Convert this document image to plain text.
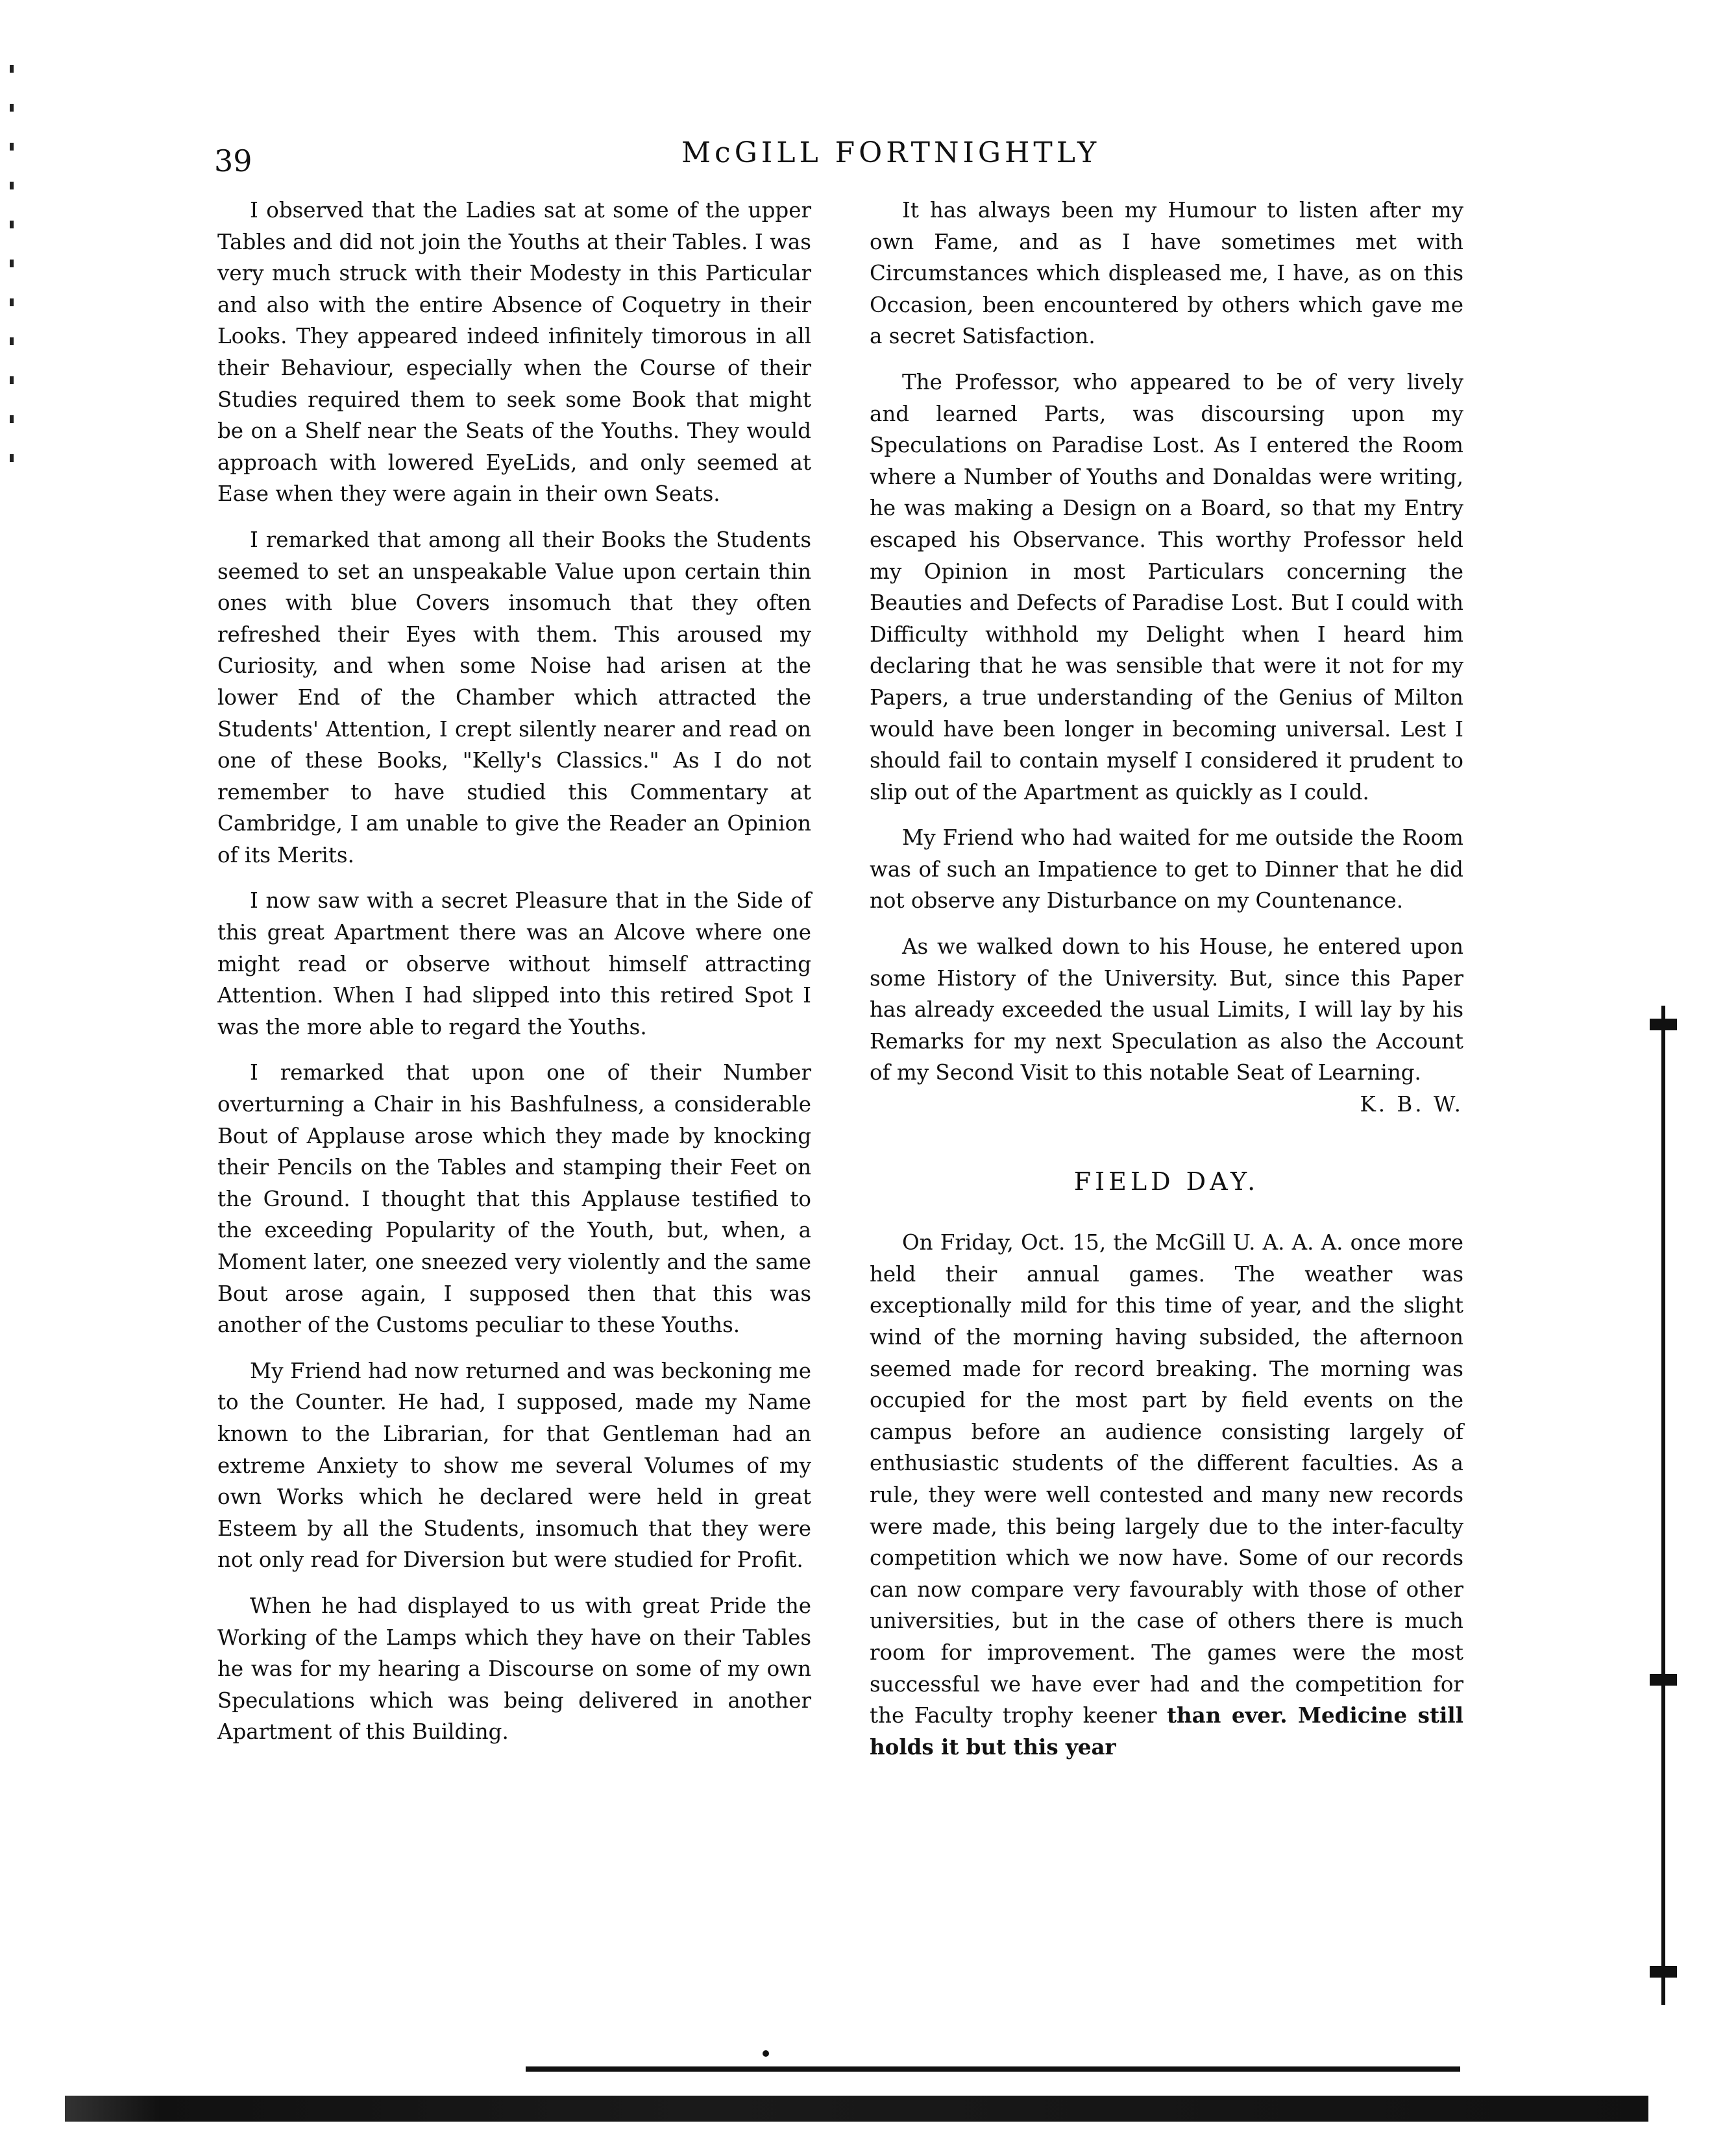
39	McGILL FORTNIGHTLY

I observed that the Ladies sat at some of the upper Tables and did not join the Youths at their Tables. I was very much struck with their Modesty in this Particular and also with the entire Absence of Coquetry in their Looks. They appeared indeed infinitely timorous in all their Behaviour, especially when the Course of their Studies required them to seek some Book that might be on a Shelf near the Seats of the Youths. They would approach with lowered EyeLids, and only seemed at Ease when they were again in their own Seats.

I remarked that among all their Books the Students seemed to set an unspeakable Value upon certain thin ones with blue Covers insomuch that they often refreshed their Eyes with them. This aroused my Curiosity, and when some Noise had arisen at the lower End of the Chamber which attracted the Students' Attention, I crept silently nearer and read on one of these Books, "Kelly's Classics." As I do not remember to have studied this Commentary at Cambridge, I am unable to give the Reader an Opinion of its Merits.

I now saw with a secret Pleasure that in the Side of this great Apartment there was an Alcove where one might read or observe without himself attracting Attention. When I had slipped into this retired Spot I was the more able to regard the Youths.

I remarked that upon one of their Number overturning a Chair in his Bashfulness, a considerable Bout of Applause arose which they made by knocking their Pencils on the Tables and stamping their Feet on the Ground. I thought that this Applause testified to the exceeding Popularity of the Youth, but, when, a Moment later, one sneezed very violently and the same Bout arose again, I supposed then that this was another of the Customs peculiar to these Youths.

My Friend had now returned and was beckoning me to the Counter. He had, I supposed, made my Name known to the Librarian, for that Gentleman had an extreme Anxiety to show me several Volumes of my own Works which he declared were held in great Esteem by all the Students, insomuch that they were not only read for Diversion but were studied for Profit.

When he had displayed to us with great Pride the Working of the Lamps which they have on their Tables he was for my hearing a Discourse on some of my own Speculations which was being delivered in another Apartment of this Building.

It has always been my Humour to listen after my own Fame, and as I have sometimes met with Circumstances which displeased me, I have, as on this Occasion, been encountered by others which gave me a secret Satisfaction.

The Professor, who appeared to be of very lively and learned Parts, was discoursing upon my Speculations on Paradise Lost. As I entered the Room where a Number of Youths and Donaldas were writing, he was making a Design on a Board, so that my Entry escaped his Observance. This worthy Professor held my Opinion in most Particulars concerning the Beauties and Defects of Paradise Lost. But I could with Difficulty withhold my Delight when I heard him declaring that he was sensible that were it not for my Papers, a true understanding of the Genius of Milton would have been longer in becoming universal. Lest I should fail to contain myself I considered it prudent to slip out of the Apartment as quickly as I could.

My Friend who had waited for me outside the Room was of such an Impatience to get to Dinner that he did not observe any Disturbance on my Countenance.

As we walked down to his House, he entered upon some History of the University. But, since this Paper has already exceeded the usual Limits, I will lay by his Remarks for my next Speculation as also the Account of my Second Visit to this notable Seat of Learning.
K. B. W.

FIELD DAY.

On Friday, Oct. 15, the McGill U. A. A. A. once more held their annual games. The weather was exceptionally mild for this time of year, and the slight wind of the morning having subsided, the afternoon seemed made for record breaking. The morning was occupied for the most part by field events on the campus before an audience consisting largely of enthusiastic students of the different faculties. As a rule, they were well contested and many new records were made, this being largely due to the inter-faculty competition which we now have. Some of our records can now compare very favourably with those of other universities, but in the case of others there is much room for improvement. The games were the most successful we have ever had and the competition for the Faculty trophy keener than ever. Medicine still holds it but this year
